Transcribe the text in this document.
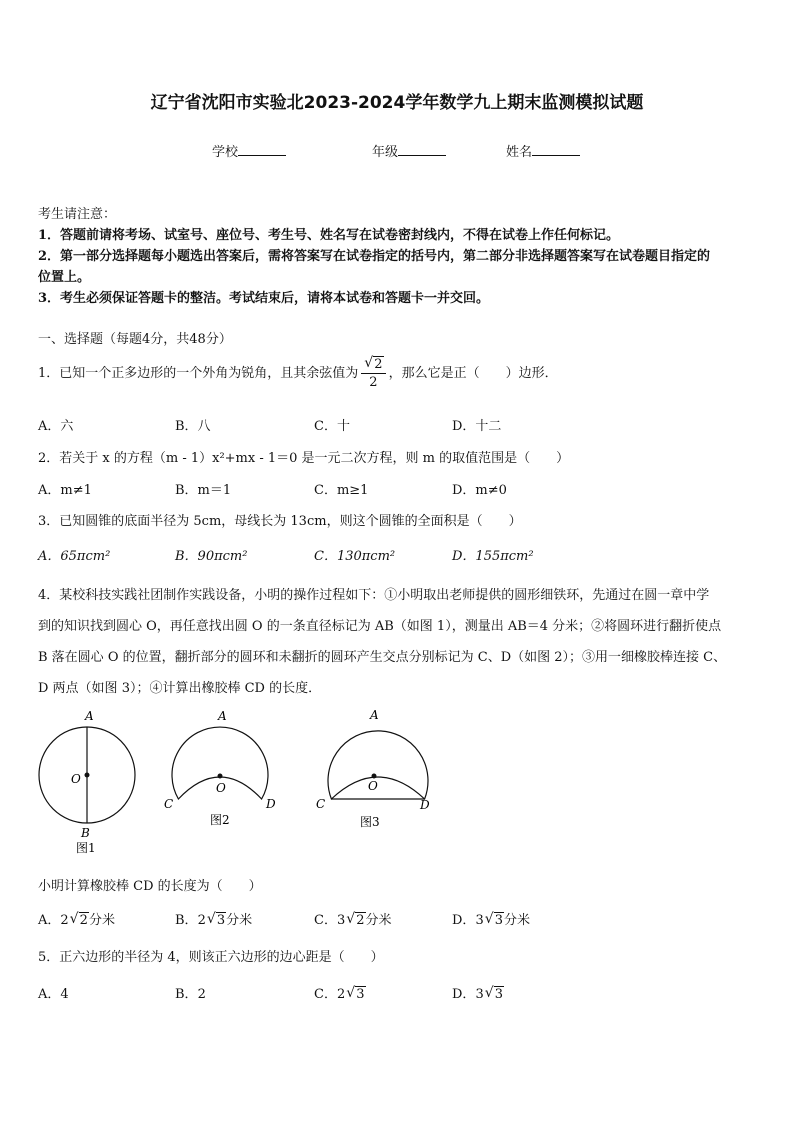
辽宁省沈阳市实验北2023-2024学年数学九上期末监测模拟试题
学校	年级	姓名
考生请注意：
1．答题前请将考场、试室号、座位号、考生号、姓名写在试卷密封线内，不得在试卷上作任何标记。
2．第一部分选择题每小题选出答案后，需将答案写在试卷指定的括号内，第二部分非选择题答案写在试卷题目指定的
位置上。
3．考生必须保证答题卡的整洁。考试结束后，请将本试卷和答题卡一并交回。
一、选择题（每题4分，共48分）
1．已知一个正多边形的一个外角为锐角，且其余弦值为 √ $\frac{2}{2}$ ，那么它是正（　　）边形．
A．六	B．八	C．十	D．十二
2．若关于 x 的方程（m - 1）x²+mx - 1＝0 是一元二次方程，则 m 的取值范围是（　　）
A．m≠1	B．m＝1	C．m≥1	D．m≠0
3．已知圆锥的底面半径为 5cm，母线长为 13cm，则这个圆锥的全面积是（　　）
A．65πcm²	B．90πcm²	C．130πcm²	D．155πcm²
4．某校科技实践社团制作实践设备，小明的操作过程如下：①小明取出老师提供的圆形细铁环，先通过在圆一章中学
到的知识找到圆心 O，再任意找出圆 O 的一条直径标记为 AB（如图 1），测量出 AB＝4 分米；②将圆环进行翻折使点
B 落在圆心 O 的位置，翻折部分的圆环和未翻折的圆环产生交点分别标记为 C、D（如图 2）；③用一细橡胶棒连接 C、
D 两点（如图 3）；④计算出橡胶棒 CD 的长度．
A
O
B
图1
A
O
C	D
图2
A
O
C	D
图3
小明计算橡胶棒 CD 的长度为（　　）
A．2 √ 2分米	B．2 √ 3分米	C．3 √ 2分米	D．3 √ 3分米
5．正六边形的半径为 4，则该正六边形的边心距是（　　）
A．4	B．2	C．2 √ 3	D．3 √ 3
